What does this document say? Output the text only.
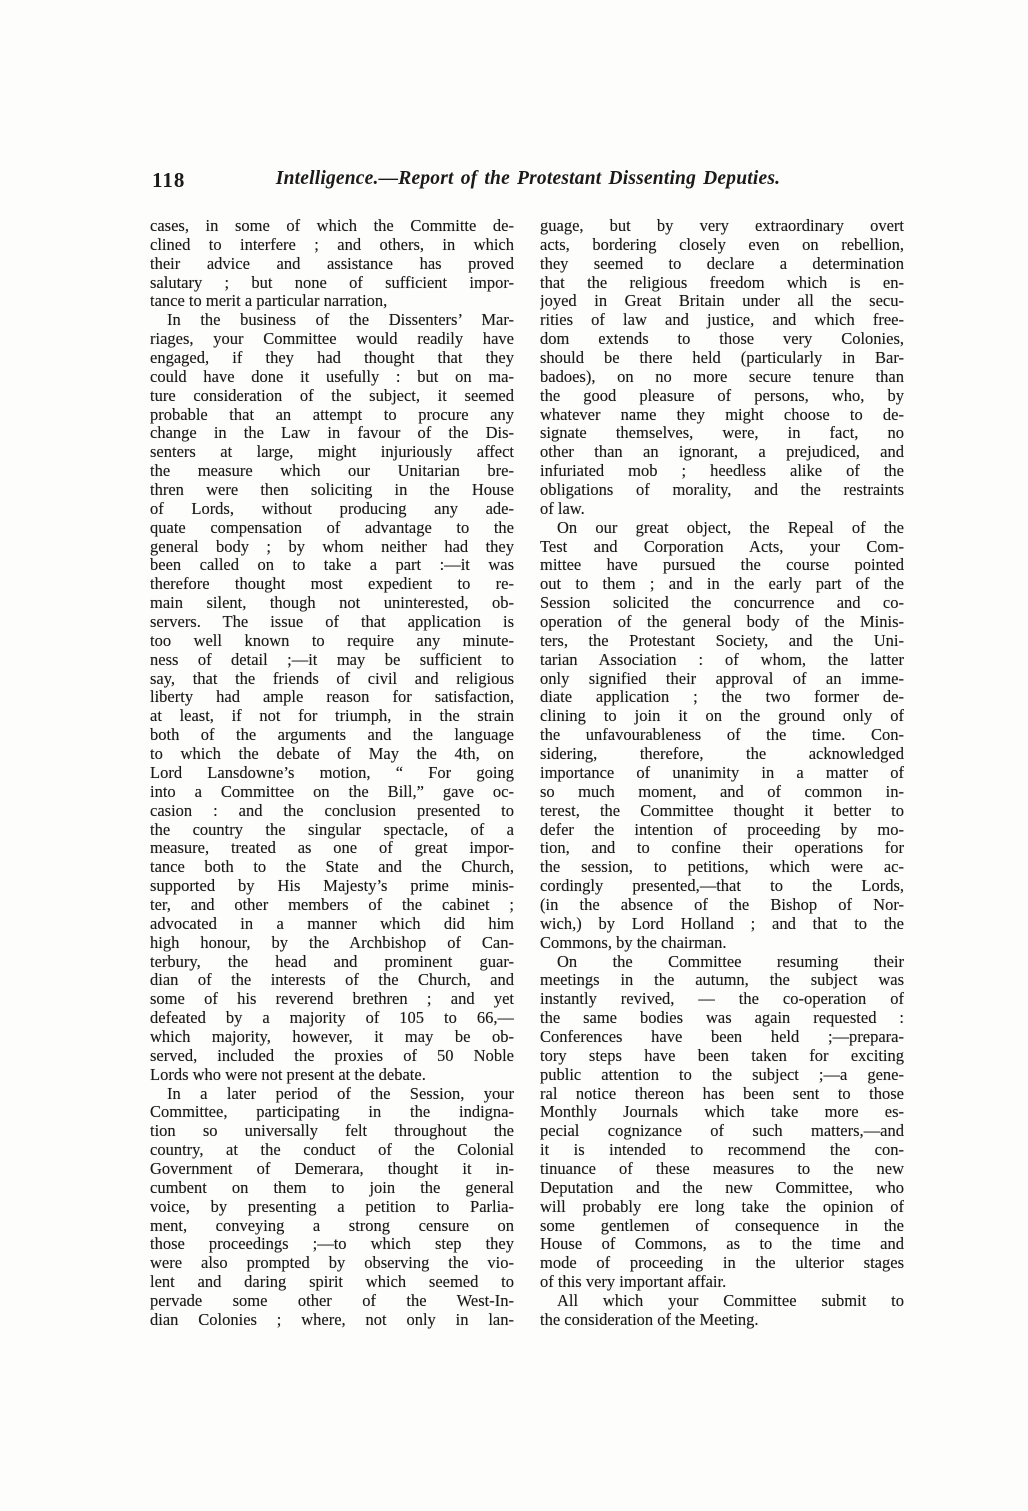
118	Intelligence.—Report of the Protestant Dissenting Deputies.
cases, in some of which the Committe de-
clined to interfere ; and others, in which
their advice and assistance has proved
salutary ; but none of sufficient impor-
tance to merit a particular narration,
In the business of the Dissenters’ Mar-
riages, your Committee would readily have
engaged, if they had thought that they
could have done it usefully : but on ma-
ture consideration of the subject, it seemed
probable that an attempt to procure any
change in the Law in favour of the Dis-
senters at large, might injuriously affect
the measure which our Unitarian bre-
thren were then soliciting in the House
of Lords, without producing any ade-
quate compensation of advantage to the
general body ; by whom neither had they
been called on to take a part :—it was
therefore thought most expedient to re-
main silent, though not uninterested, ob-
servers. The issue of that application is
too well known to require any minute-
ness of detail ;—it may be sufficient to
say, that the friends of civil and religious
liberty had ample reason for satisfaction,
at least, if not for triumph, in the strain
both of the arguments and the language
to which the debate of May the 4th, on
Lord Lansdowne’s motion, “ For going
into a Committee on the Bill,” gave oc-
casion : and the conclusion presented to
the country the singular spectacle, of a
measure, treated as one of great impor-
tance both to the State and the Church,
supported by His Majesty’s prime minis-
ter, and other members of the cabinet ;
advocated in a manner which did him
high honour, by the Archbishop of Can-
terbury, the head and prominent guar-
dian of the interests of the Church, and
some of his reverend brethren ; and yet
defeated by a majority of 105 to 66,—
which majority, however, it may be ob-
served, included the proxies of 50 Noble
Lords who were not present at the debate.
In a later period of the Session, your
Committee, participating in the indigna-
tion so universally felt throughout the
country, at the conduct of the Colonial
Government of Demerara, thought it in-
cumbent on them to join the general
voice, by presenting a petition to Parlia-
ment, conveying a strong censure on
those proceedings ;—to which step they
were also prompted by observing the vio-
lent and daring spirit which seemed to
pervade some other of the West-In-
dian Colonies ; where, not only in lan-
guage, but by very extraordinary overt
acts, bordering closely even on rebellion,
they seemed to declare a determination
that the religious freedom which is en-
joyed in Great Britain under all the secu-
rities of law and justice, and which free-
dom extends to those very Colonies,
should be there held (particularly in Bar-
badoes), on no more secure tenure than
the good pleasure of persons, who, by
whatever name they might choose to de-
signate themselves, were, in fact, no
other than an ignorant, a prejudiced, and
infuriated mob ; heedless alike of the
obligations of morality, and the restraints
of law.
On our great object, the Repeal of the
Test and Corporation Acts, your Com-
mittee have pursued the course pointed
out to them ; and in the early part of the
Session solicited the concurrence and co-
operation of the general body of the Minis-
ters, the Protestant Society, and the Uni-
tarian Association : of whom, the latter
only signified their approval of an imme-
diate application ; the two former de-
clining to join it on the ground only of
the unfavourableness of the time. Con-
sidering, therefore, the acknowledged
importance of unanimity in a matter of
so much moment, and of common in-
terest, the Committee thought it better to
defer the intention of proceeding by mo-
tion, and to confine their operations for
the session, to petitions, which were ac-
cordingly presented,—that to the Lords,
(in the absence of the Bishop of Nor-
wich,) by Lord Holland ; and that to the
Commons, by the chairman.
On the Committee resuming their
meetings in the autumn, the subject was
instantly revived, — the co-operation of
the same bodies was again requested :
Conferences have been held ;—prepara-
tory steps have been taken for exciting
public attention to the subject ;—a gene-
ral notice thereon has been sent to those
Monthly Journals which take more es-
pecial cognizance of such matters,—and
it is intended to recommend the con-
tinuance of these measures to the new
Deputation and the new Committee, who
will probably ere long take the opinion of
some gentlemen of consequence in the
House of Commons, as to the time and
mode of proceeding in the ulterior stages
of this very important affair.
All which your Committee submit to
the consideration of the Meeting.
